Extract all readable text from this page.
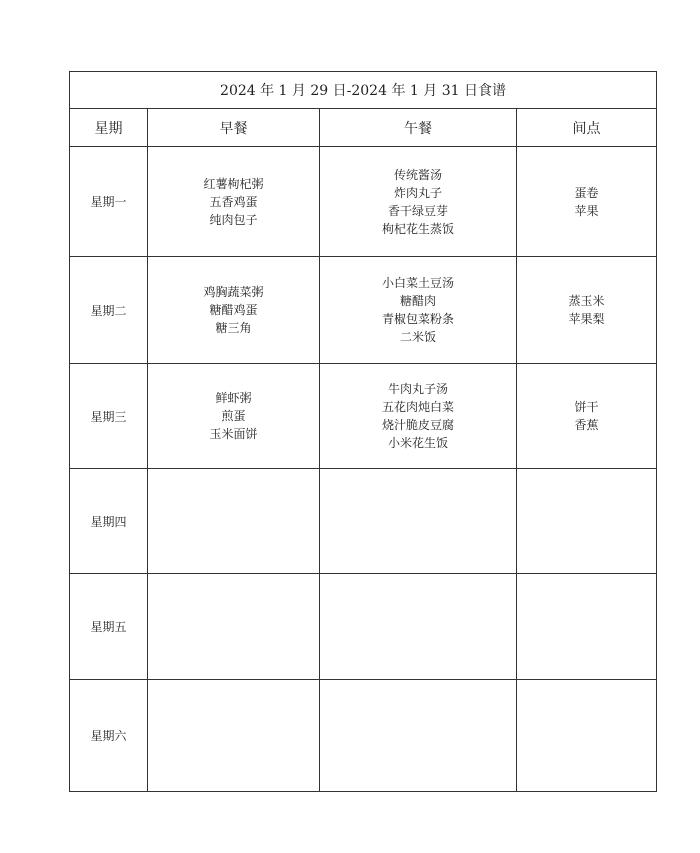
2024 年 1 月 29 日-2024 年 1 月 31 日食谱			
星期	早餐	午餐	间点
星期一	红薯枸杞粥
五香鸡蛋
纯肉包子	传统酱汤
炸肉丸子
香干绿豆芽
枸杞花生蒸饭	蛋卷
苹果

星期二	鸡胸蔬菜粥
糖醋鸡蛋
糖三角	小白菜土豆汤
糖醋肉
青椒包菜粉条
二米饭	蒸玉米
苹果梨

星期三	鲜虾粥
煎蛋
玉米面饼	牛肉丸子汤
五花肉炖白菜
烧汁脆皮豆腐
小米花生饭	饼干
香蕉

星期四			
星期五			
星期六			
